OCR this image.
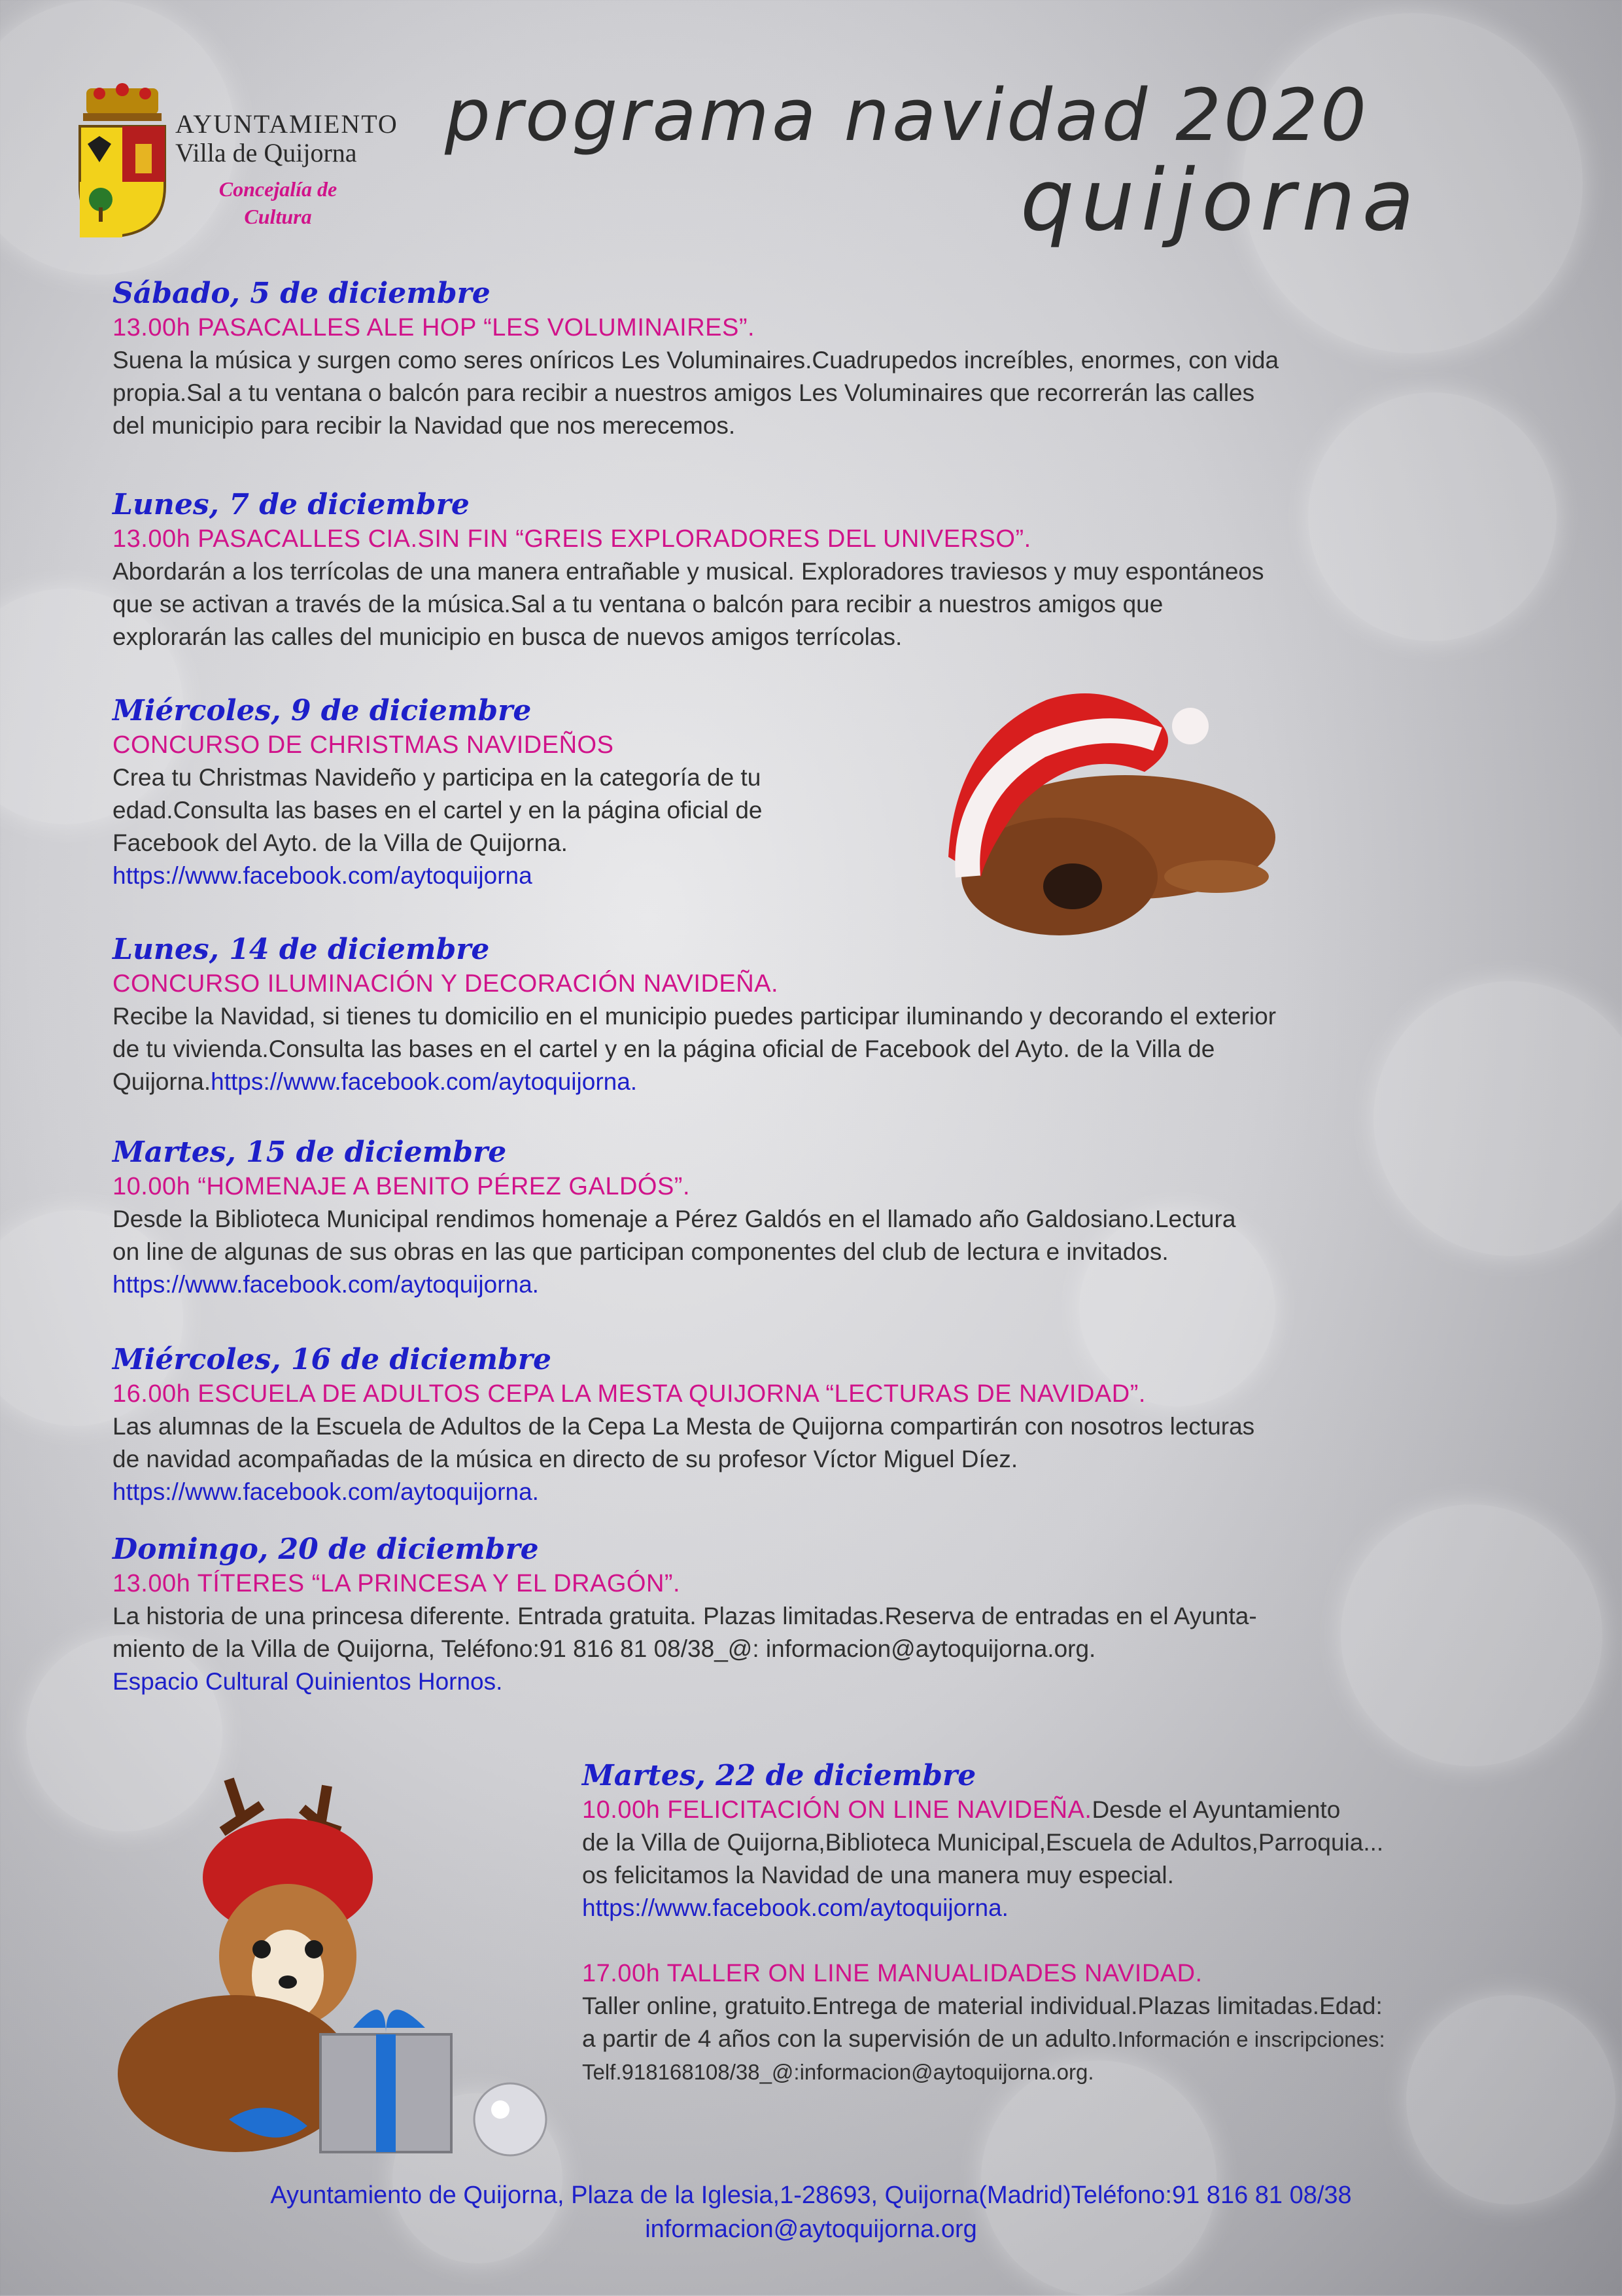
AYUNTAMIENTO
Villa de Quijorna
Concejalía de Cultura
programa navidad 2020
quijorna
Sábado, 5 de diciembre
13.00h PASACALLES ALE HOP “LES VOLUMINAIRES”.
Suena la música y surgen como seres oníricos Les Voluminaires.Cuadrupedos increíbles, enormes, con vida
propia.Sal a tu ventana o balcón para recibir a nuestros amigos Les Voluminaires que recorrerán las calles
del municipio para recibir la Navidad que nos merecemos.
Lunes, 7 de diciembre
13.00h PASACALLES CIA.SIN FIN “GREIS EXPLORADORES DEL UNIVERSO”.
Abordarán a los terrícolas de una manera entrañable y musical. Exploradores traviesos y muy espontáneos
que se activan a través de la música.Sal a tu ventana o balcón para recibir a nuestros amigos que
explorarán las calles del municipio en busca de nuevos amigos terrícolas.
Miércoles, 9 de diciembre
CONCURSO DE CHRISTMAS NAVIDEÑOS
Crea tu Christmas Navideño y participa en la categoría de tu
edad.Consulta las bases en el cartel y en la página oficial de
Facebook del Ayto. de la Villa de Quijorna.
https://www.facebook.com/aytoquijorna
Lunes, 14 de diciembre
CONCURSO ILUMINACIÓN Y DECORACIÓN NAVIDEÑA.
Recibe la Navidad, si tienes tu domicilio en el municipio puedes participar iluminando y decorando el exterior
de tu vivienda.Consulta las bases en el cartel y en la página oficial de Facebook del Ayto. de la Villa de
Quijorna.https://www.facebook.com/aytoquijorna.
Martes, 15 de diciembre
10.00h “HOMENAJE A BENITO PÉREZ GALDÓS”.
Desde la Biblioteca Municipal rendimos homenaje a Pérez Galdós en el llamado año Galdosiano.Lectura
on line de algunas de sus obras en las que participan componentes del club de lectura e invitados.
https://www.facebook.com/aytoquijorna.
Miércoles, 16 de diciembre
16.00h ESCUELA DE ADULTOS CEPA LA MESTA QUIJORNA “LECTURAS DE NAVIDAD”.
Las alumnas de la Escuela de Adultos de la Cepa La Mesta de Quijorna compartirán con nosotros lecturas
de navidad acompañadas de la música en directo de su profesor Víctor Miguel Díez.
https://www.facebook.com/aytoquijorna.
Domingo, 20 de diciembre
13.00h TÍTERES “LA PRINCESA Y EL DRAGÓN”.
La historia de una princesa diferente. Entrada gratuita. Plazas limitadas.Reserva de entradas en el Ayunta-
miento de la Villa de Quijorna, Teléfono:91 816 81 08/38_@: informacion@aytoquijorna.org.
Espacio Cultural Quinientos Hornos.
Martes, 22 de diciembre
10.00h FELICITACIÓN ON LINE NAVIDEÑA.Desde el Ayuntamiento
de la Villa de Quijorna,Biblioteca Municipal,Escuela de Adultos,Parroquia...
os felicitamos la Navidad de una manera muy especial.
https://www.facebook.com/aytoquijorna.
17.00h TALLER ON LINE MANUALIDADES NAVIDAD.
Taller online, gratuito.Entrega de material individual.Plazas limitadas.Edad:
a partir de 4 años con la supervisión de un adulto.Información e inscripciones:
Telf.918168108/38_@:informacion@aytoquijorna.org.
Ayuntamiento de Quijorna, Plaza de la Iglesia,1-28693, Quijorna(Madrid)Teléfono:91 816 81 08/38
informacion@aytoquijorna.org
